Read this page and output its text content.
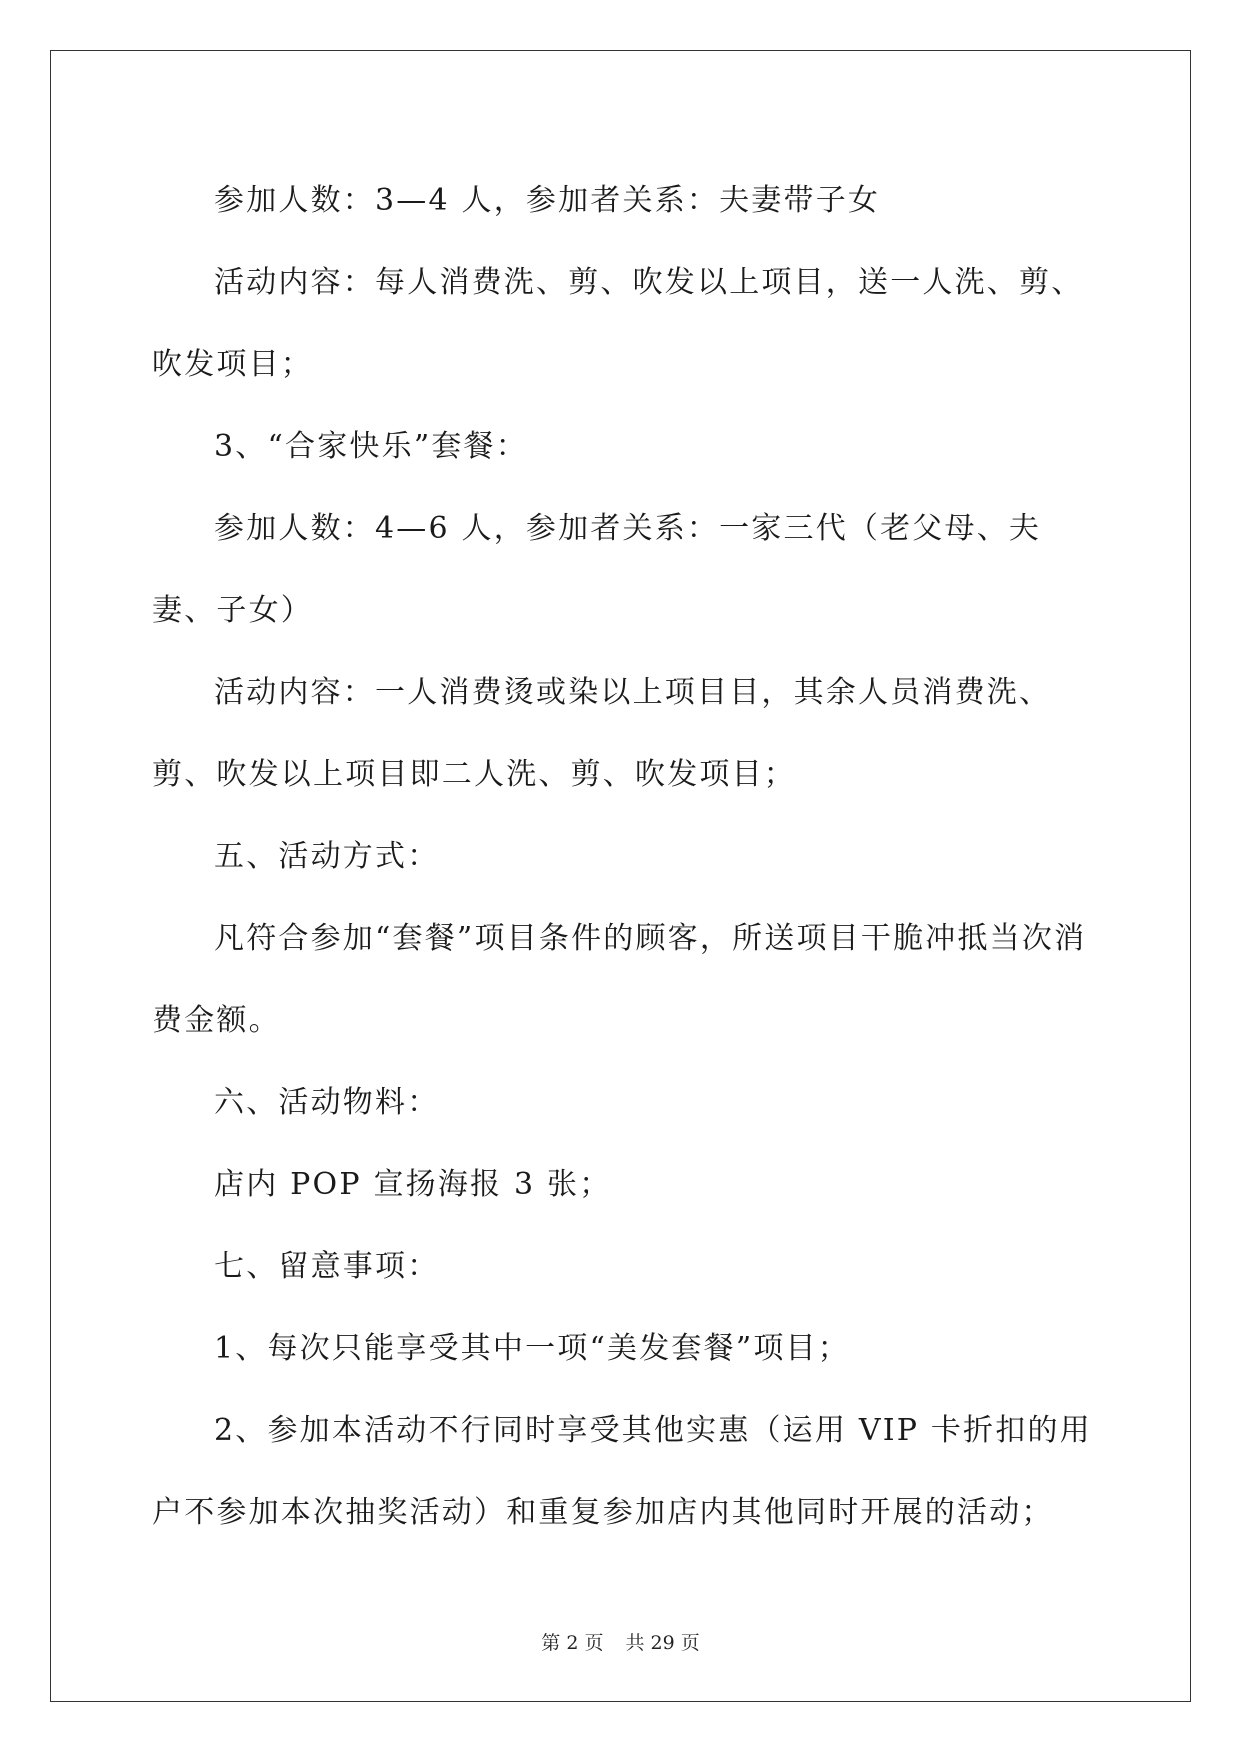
参加人数：3—4 人，参加者关系：夫妻带子女

活动内容：每人消费洗、剪、吹发以上项目，送一人洗、剪、吹发项目；

3、“合家快乐”套餐：

参加人数：4—6 人，参加者关系：一家三代（老父母、夫妻、子女）

活动内容：一人消费烫或染以上项目目，其余人员消费洗、剪、吹发以上项目即二人洗、剪、吹发项目；

五、活动方式：

凡符合参加“套餐”项目条件的顾客，所送项目干脆冲抵当次消费金额。

六、活动物料：

店内 POP 宣扬海报 3 张；

七、留意事项：

1、每次只能享受其中一项“美发套餐”项目；

2、参加本活动不行同时享受其他实惠（运用 VIP 卡折扣的用户不参加本次抽奖活动）和重复参加店内其他同时开展的活动；

第 2 页 共 29 页
